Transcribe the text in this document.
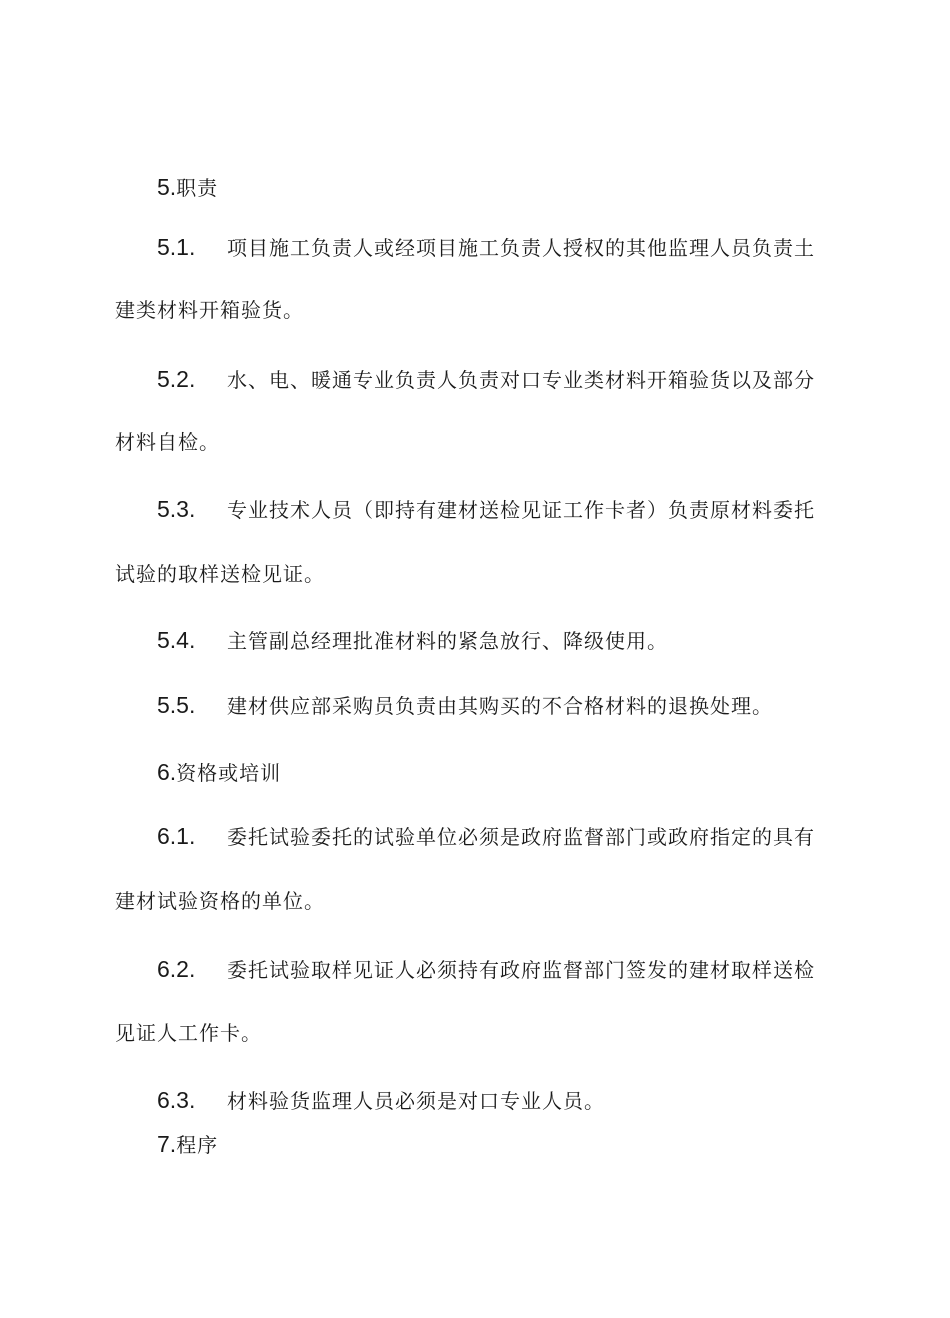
5.职责
5.1. 项目施工负责人或经项目施工负责人授权的其他监理人员负责土
建类材料开箱验货。
5.2. 水、电、暖通专业负责人负责对口专业类材料开箱验货以及部分
材料自检。
5.3. 专业技术人员（即持有建材送检见证工作卡者）负责原材料委托
试验的取样送检见证。
5.4. 主管副总经理批准材料的紧急放行、降级使用。
5.5. 建材供应部采购员负责由其购买的不合格材料的退换处理。
6.资格或培训
6.1. 委托试验委托的试验单位必须是政府监督部门或政府指定的具有
建材试验资格的单位。
6.2. 委托试验取样见证人必须持有政府监督部门签发的建材取样送检
见证人工作卡。
6.3. 材料验货监理人员必须是对口专业人员。
7.程序
